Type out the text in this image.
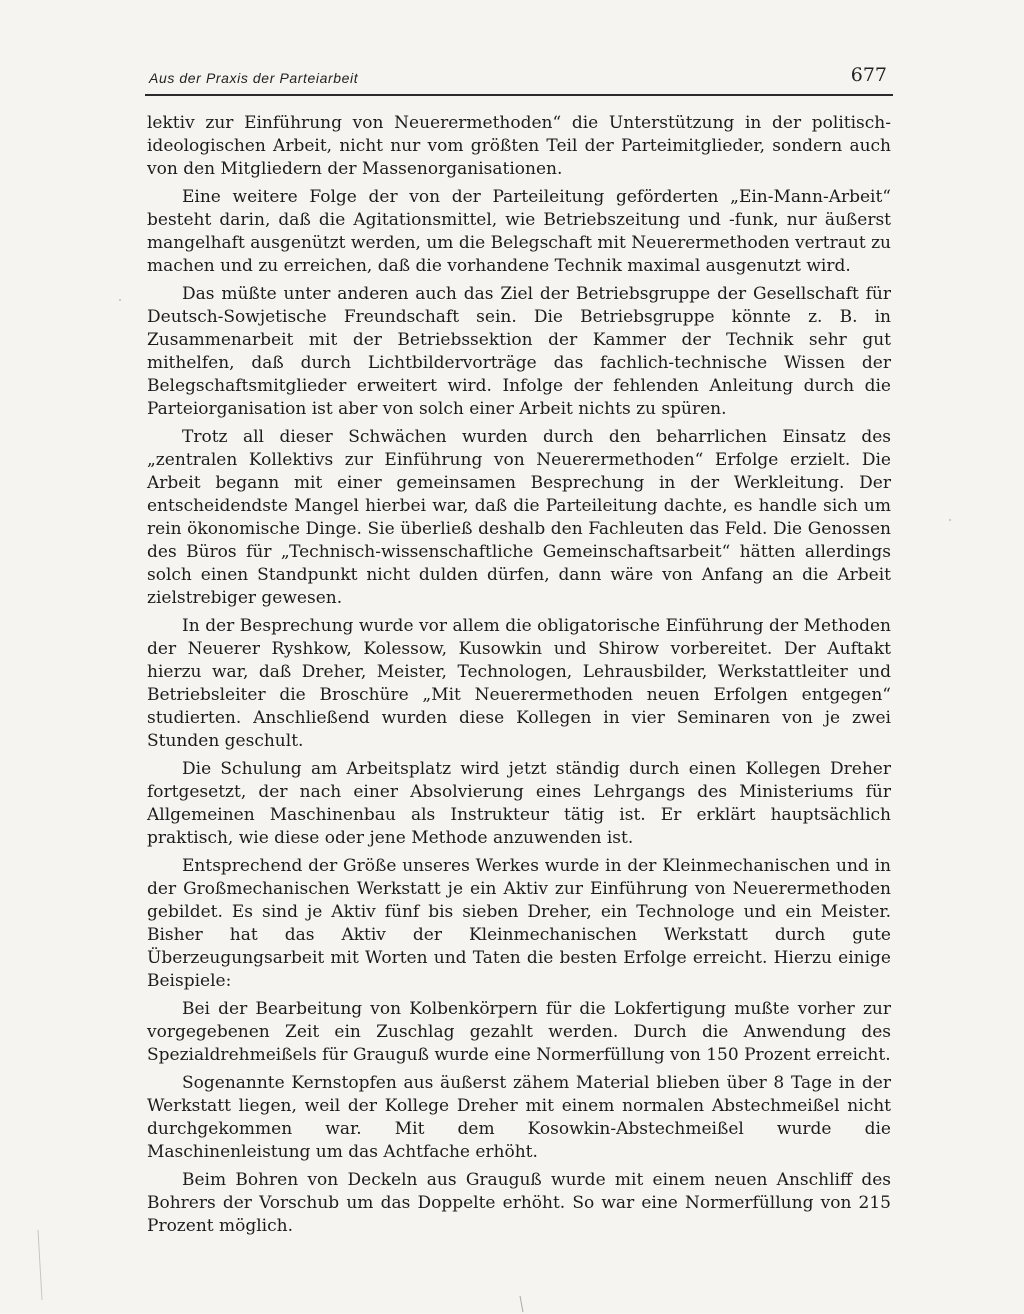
Aus der Praxis der Parteiarbeit	677

lektiv zur Einführung von Neuerermethoden“ die Unterstützung in der politisch-ideologischen Arbeit, nicht nur vom größten Teil der Parteimitglieder, sondern auch von den Mitgliedern der Massenorganisationen.

Eine weitere Folge der von der Parteileitung geförderten „Ein-Mann-Arbeit“ besteht darin, daß die Agitationsmittel, wie Betriebszeitung und -funk, nur äußerst mangelhaft ausgenützt werden, um die Belegschaft mit Neuerermethoden vertraut zu machen und zu erreichen, daß die vorhandene Technik maximal ausgenutzt wird.

Das müßte unter anderen auch das Ziel der Betriebsgruppe der Gesellschaft für Deutsch-Sowjetische Freundschaft sein. Die Betriebsgruppe könnte z. B. in Zusammenarbeit mit der Betriebssektion der Kammer der Technik sehr gut mithelfen, daß durch Lichtbildervorträge das fachlich-technische Wissen der Belegschaftsmitglieder erweitert wird. Infolge der fehlenden Anleitung durch die Parteiorganisation ist aber von solch einer Arbeit nichts zu spüren.

Trotz all dieser Schwächen wurden durch den beharrlichen Einsatz des „zentralen Kollektivs zur Einführung von Neuerermethoden“ Erfolge erzielt. Die Arbeit begann mit einer gemeinsamen Besprechung in der Werkleitung. Der entscheidendste Mangel hierbei war, daß die Parteileitung dachte, es handle sich um rein ökonomische Dinge. Sie überließ deshalb den Fachleuten das Feld. Die Genossen des Büros für „Technisch-wissenschaftliche Gemeinschaftsarbeit“ hätten allerdings solch einen Standpunkt nicht dulden dürfen, dann wäre von Anfang an die Arbeit zielstrebiger gewesen.

In der Besprechung wurde vor allem die obligatorische Einführung der Methoden der Neuerer Ryshkow, Kolessow, Kusowkin und Shirow vorbereitet. Der Auftakt hierzu war, daß Dreher, Meister, Technologen, Lehrausbilder, Werkstattleiter und Betriebsleiter die Broschüre „Mit Neuerermethoden neuen Erfolgen entgegen“ studierten. Anschließend wurden diese Kollegen in vier Seminaren von je zwei Stunden geschult.

Die Schulung am Arbeitsplatz wird jetzt ständig durch einen Kollegen Dreher fortgesetzt, der nach einer Absolvierung eines Lehrgangs des Ministeriums für Allgemeinen Maschinenbau als Instrukteur tätig ist. Er erklärt hauptsächlich praktisch, wie diese oder jene Methode anzuwenden ist.

Entsprechend der Größe unseres Werkes wurde in der Kleinmechanischen und in der Großmechanischen Werkstatt je ein Aktiv zur Einführung von Neuerermethoden gebildet. Es sind je Aktiv fünf bis sieben Dreher, ein Technologe und ein Meister. Bisher hat das Aktiv der Kleinmechanischen Werkstatt durch gute Überzeugungsarbeit mit Worten und Taten die besten Erfolge erreicht. Hierzu einige Beispiele:

Bei der Bearbeitung von Kolbenkörpern für die Lokfertigung mußte vorher zur vorgegebenen Zeit ein Zuschlag gezahlt werden. Durch die Anwendung des Spezialdrehmeißels für Grauguß wurde eine Normerfüllung von 150 Prozent erreicht.

Sogenannte Kernstopfen aus äußerst zähem Material blieben über 8 Tage in der Werkstatt liegen, weil der Kollege Dreher mit einem normalen Abstechmeißel nicht durchgekommen war. Mit dem Kosowkin-Abstechmeißel wurde die Maschinenleistung um das Achtfache erhöht.

Beim Bohren von Deckeln aus Grauguß wurde mit einem neuen Anschliff des Bohrers der Vorschub um das Doppelte erhöht. So war eine Normerfüllung von 215 Prozent möglich.
